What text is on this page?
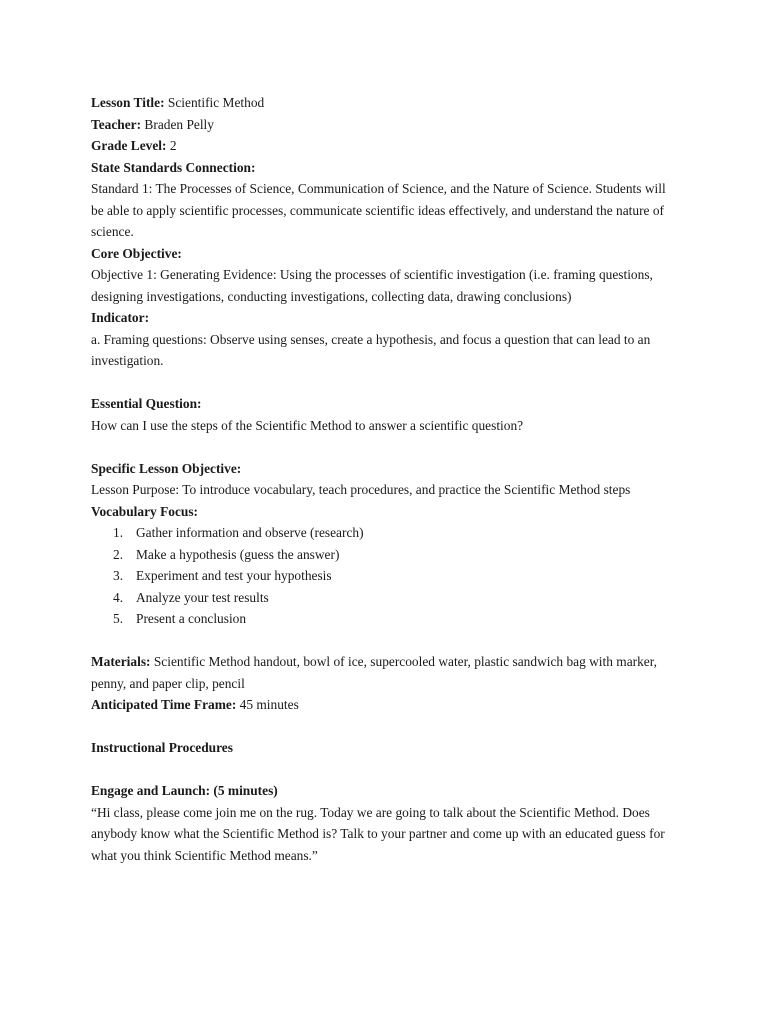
Lesson Title: Scientific Method

Teacher: Braden Pelly

Grade Level: 2

State Standards Connection:

Standard 1: The Processes of Science, Communication of Science, and the Nature of Science. Students will be able to apply scientific processes, communicate scientific ideas effectively, and understand the nature of science.

Core Objective:

Objective 1: Generating Evidence: Using the processes of scientific investigation (i.e. framing questions, designing investigations, conducting investigations, collecting data, drawing conclusions)

Indicator:

a. Framing questions: Observe using senses, create a hypothesis, and focus a question that can lead to an investigation.

Essential Question:

How can I use the steps of the Scientific Method to answer a scientific question?

Specific Lesson Objective:

Lesson Purpose: To introduce vocabulary, teach procedures, and practice the Scientific Method steps

Vocabulary Focus:

1. Gather information and observe (research)
2. Make a hypothesis (guess the answer)
3. Experiment and test your hypothesis
4. Analyze your test results
5. Present a conclusion

Materials: Scientific Method handout, bowl of ice, supercooled water, plastic sandwich bag with marker, penny, and paper clip, pencil

Anticipated Time Frame: 45 minutes

Instructional Procedures

Engage and Launch: (5 minutes)

“Hi class, please come join me on the rug. Today we are going to talk about the Scientific Method. Does anybody know what the Scientific Method is? Talk to your partner and come up with an educated guess for what you think Scientific Method means.”
